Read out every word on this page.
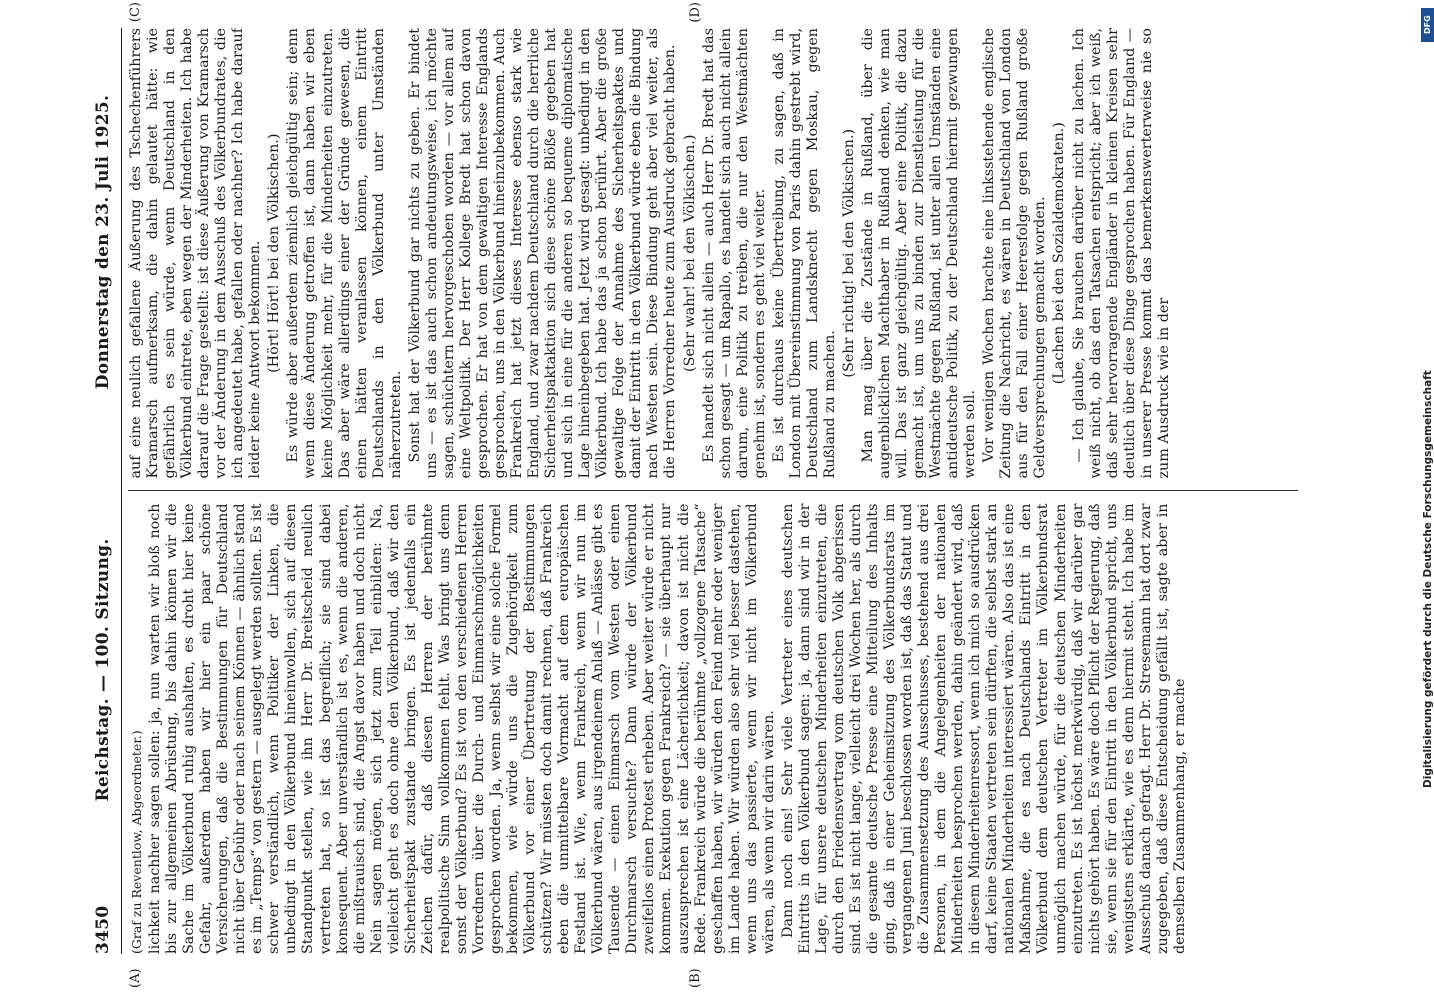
3450
Reichstag. — 100. Sitzung.
Donnerstag den 23. Juli 1925.
(A)	(B)
(C)	(D)

(Graf zu Reventlow, Abgeordneter.) lichkeit nachher sagen sollen: ja, nun warten wir bloß noch bis zur allgemeinen Abrüstung, bis dahin können wir die Sache im Völkerbund ruhig aushalten, es droht hier keine Gefahr, außerdem haben wir hier ein paar schöne Versicherungen, daß die Bestimmungen für Deutschland nicht über Gebühr oder nach seinem Können — ähnlich stand es im „Temps“ von gestern — ausgelegt werden sollten. Es ist schwer verständlich, wenn Politiker der Linken, die unbedingt in den Völkerbund hineinwollen, sich auf diesen Standpunkt stellen, wie ihn Herr Dr. Breitscheid neulich vertreten hat, so ist das begreiflich; sie sind dabei konsequent. Aber unverständlich ist es, wenn die anderen, die mißtrauisch sind, die Angst davor haben und doch nicht Nein sagen mögen, sich jetzt zum Teil einbilden: Na, vielleicht geht es doch ohne den Völkerbund, daß wir den Sicherheitspakt zustande bringen. Es ist jedenfalls ein Zeichen dafür, daß diesen Herren der berühmte realpolitische Sinn vollkommen fehlt. Was bringt uns denn sonst der Völkerbund? Es ist von den verschiedenen Herren Vorrednern über die Durch- und Einmarschmöglichkeiten gesprochen worden. Ja, wenn selbst wir eine solche Formel bekommen, wie würde uns die Zugehörigkeit zum Völkerbund vor einer Übertretung der Bestimmungen schützen? Wir müssten doch damit rechnen, daß Frankreich eben die unmittelbare Vormacht auf dem europäischen Festland ist. Wie, wenn Frankreich, wenn wir nun im Völkerbund wären, aus irgendeinem Anlaß — Anlässe gibt es Tausende — einen Einmarsch vom Westen oder einen Durchmarsch versuchte? Dann würde der Völkerbund zweifellos einen Protest erheben. Aber weiter würde er nicht kommen. Exekution gegen Frankreich? — sie überhaupt nur auszusprechen ist eine Lächerlichkeit; davon ist nicht die Rede. Frankreich würde die berühmte „vollzogene Tatsache“ geschaffen haben, wir würden den Feind mehr oder weniger im Lande haben. Wir würden also sehr viel besser dastehen, wenn uns das passierte, wenn wir nicht im Völkerbund wären, als wenn wir darin wären. Dann noch eins! Sehr viele Vertreter eines deutschen Eintritts in den Völkerbund sagen: ja, dann sind wir in der Lage, für unsere deutschen Minderheiten einzutreten, die durch den Friedensvertrag vom deutschen Volk abgerissen sind. Es ist nicht lange, vielleicht drei Wochen her, als durch die gesamte deutsche Presse eine Mitteilung des Inhalts ging, daß in einer Geheimsitzung des Völkerbundsrats im vergangenen Juni beschlossen worden ist, daß das Statut und die Zusammensetzung des Ausschusses, bestehend aus drei Personen, in dem die Angelegenheiten der nationalen Minderheiten besprochen werden, dahin geändert wird, daß in diesem Minderheitenressort, wenn ich mich so ausdrücken darf, keine Staaten vertreten sein dürften, die selbst stark an nationalen Minderheiten interessiert wären. Also das ist eine Maßnahme, die es nach Deutschlands Eintritt in den Völkerbund dem deutschen Vertreter im Völkerbundsrat unmöglich machen würde, für die deutschen Minderheiten einzutreten. Es ist höchst merkwürdig, daß wir darüber gar nichts gehört haben. Es wäre doch Pflicht der Regierung, daß sie, wenn sie für den Eintritt in den Völkerbund spricht, uns wenigstens erklärte, wie es denn hiermit steht. Ich habe im Ausschuß danach gefragt. Herr Dr. Stresemann hat dort zwar zugegeben, daß diese Entscheidung gefällt ist, sagte aber in demselben Zusammenhang, er mache

auf eine neulich gefallene Äußerung des Tschechenführers Kramarsch aufmerksam, die dahin gelautet hätte: wie gefährlich es sein würde, wenn Deutschland in den Völkerbund eintrete, eben wegen der Minderheiten. Ich habe darauf die Frage gestellt: ist diese Äußerung von Kramarsch vor der Änderung in dem Ausschuß des Völkerbundrates, die ich angedeutet habe, gefallen oder nachher? Ich habe darauf leider keine Antwort bekommen. (Hört! Hört! bei den Völkischen.) Es würde aber außerdem ziemlich gleichgültig sein; denn wenn diese Änderung getroffen ist, dann haben wir eben keine Möglichkeit mehr, für die Minderheiten einzutreten. Das aber wäre allerdings einer der Gründe gewesen, die einen hätten veranlassen können, einem Eintritt Deutschlands in den Völkerbund unter Umständen näherzutreten. Sonst hat der Völkerbund gar nichts zu geben. Er bindet uns — es ist das auch schon andeutungsweise, ich möchte sagen, schüchtern hervorgeschoben worden — vor allem auf eine Weltpolitik. Der Herr Kollege Bredt hat schon davon gesprochen. Er hat von dem gewaltigen Interesse Englands gesprochen, uns in den Völkerbund hineinzubekommen. Auch Frankreich hat jetzt dieses Interesse ebenso stark wie England, und zwar nachdem Deutschland durch die herrliche Sicherheitspaktaktion sich diese schöne Blöße gegeben hat und sich in eine für die anderen so bequeme diplomatische Lage hineinbegeben hat. Jetzt wird gesagt: unbedingt in den Völkerbund. Ich habe das ja schon berührt. Aber die große gewaltige Folge der Annahme des Sicherheitspaktes und damit der Eintritt in den Völkerbund würde eben die Bindung nach Westen sein. Diese Bindung geht aber viel weiter, als die Herren Vorredner heute zum Ausdruck gebracht haben. (Sehr wahr! bei den Völkischen.) Es handelt sich nicht allein — auch Herr Dr. Bredt hat das schon gesagt — um Rapallo, es handelt sich auch nicht allein darum, eine Politik zu treiben, die nur den Westmächten genehm ist, sondern es geht viel weiter. Es ist durchaus keine Übertreibung, zu sagen, daß in London mit Übereinstimmung von Paris dahin gestrebt wird, Deutschland zum Landsknecht gegen Moskau, gegen Rußland zu machen.

(Sehr richtig! bei den Völkischen.) Man mag über die Zustände in Rußland, über die augenblicklichen Machthaber in Rußland denken, wie man will. Das ist ganz gleichgültig. Aber eine Politik, die dazu gemacht ist, um uns zu binden zur Dienstleistung für die Westmächte gegen Rußland, ist unter allen Umständen eine antideutsche Politik, zu der Deutschland hiermit gezwungen werden soll. Vor wenigen Wochen brachte eine linksstehende englische Zeitung die Nachricht, es wären in Deutschland von London aus für den Fall einer Heeresfolge gegen Rußland große Geldversprechungen gemacht worden. (Lachen bei den Sozialdemokraten.) — Ich glaube, Sie brauchen darüber nicht zu lachen. Ich weiß nicht, ob das den Tatsachen entspricht; aber ich weiß, daß sehr hervorragende Engländer in kleinen Kreisen sehr deutlich über diese Dinge gesprochen haben. Für England — in unserer Presse kommt das bemerkenswerterweise nie so zum Ausdruck wie in der

DFG
Digitalisierung gefördert durch die Deutsche Forschungsgemeinschaft
